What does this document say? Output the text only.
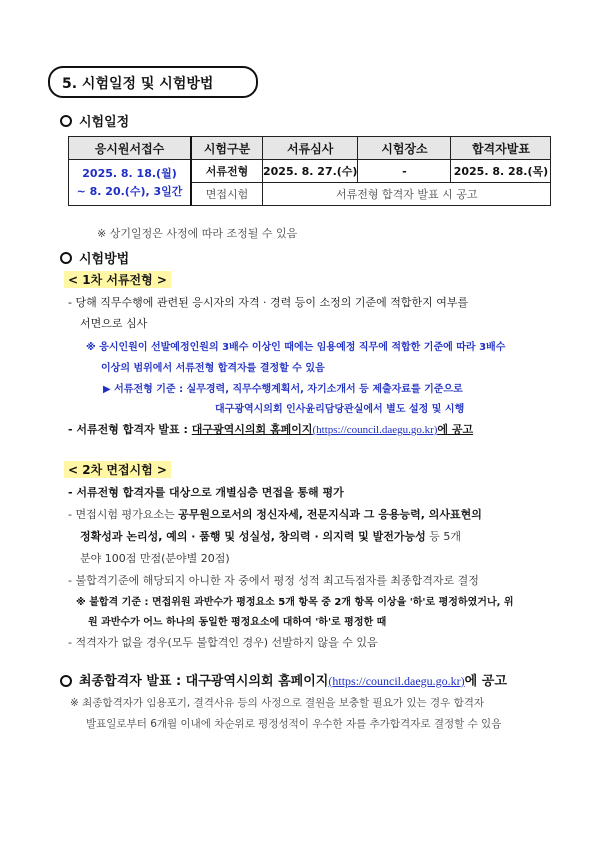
5. 시험일정 및 시험방법
시험일정
응시원서접수	시험구분	서류심사	시험장소	합격자발표

2025. 8. 18.(월)
~ 8. 20.(수), 3일간	서류전형	2025. 8. 27.(수)	-	2025. 8. 28.(목)
	면접시험	서류전형 합격자 발표 시 공고		
※ 상기일정은 사정에 따라 조정될 수 있음
시험방법
< 1차 서류전형 >
- 당해 직무수행에 관련된 응시자의 자격 · 경력 등이 소정의 기준에 적합한지 여부를
서면으로 심사
※ 응시인원이 선발예정인원의 3배수 이상인 때에는 임용예정 직무에 적합한 기준에 따라 3배수
이상의 범위에서 서류전형 합격자를 결정할 수 있음
▶ 서류전형 기준 : 실무경력, 직무수행계획서, 자기소개서 등 제출자료를 기준으로
대구광역시의회 인사윤리담당관실에서 별도 설정 및 시행
- 서류전형 합격자 발표 : 대구광역시의회 홈페이지(https://council.daegu.go.kr)에 공고
< 2차 면접시험 >
- 서류전형 합격자를 대상으로 개별심층 면접을 통해 평가
- 면접시험 평가요소는 공무원으로서의 정신자세, 전문지식과 그 응용능력, 의사표현의
정확성과 논리성, 예의 · 품행 및 성실성, 창의력 · 의지력 및 발전가능성 등 5개
분야 100점 만점(분야별 20점)
- 불합격기준에 해당되지 아니한 자 중에서 평정 성적 최고득점자를 최종합격자로 결정
※ 불합격 기준 : 면접위원 과반수가 평정요소 5개 항목 중 2개 항목 이상을 '하'로 평정하였거나, 위
원 과반수가 어느 하나의 동일한 평정요소에 대하여 '하'로 평정한 때
- 적격자가 없을 경우(모두 불합격인 경우) 선발하지 않을 수 있음
최종합격자 발표 : 대구광역시의회 홈페이지(https://council.daegu.go.kr)에 공고
※ 최종합격자가 임용포기, 결격사유 등의 사정으로 결원을 보충할 필요가 있는 경우 합격자
발표일로부터 6개월 이내에 차순위로 평정성적이 우수한 자를 추가합격자로 결정할 수 있음
